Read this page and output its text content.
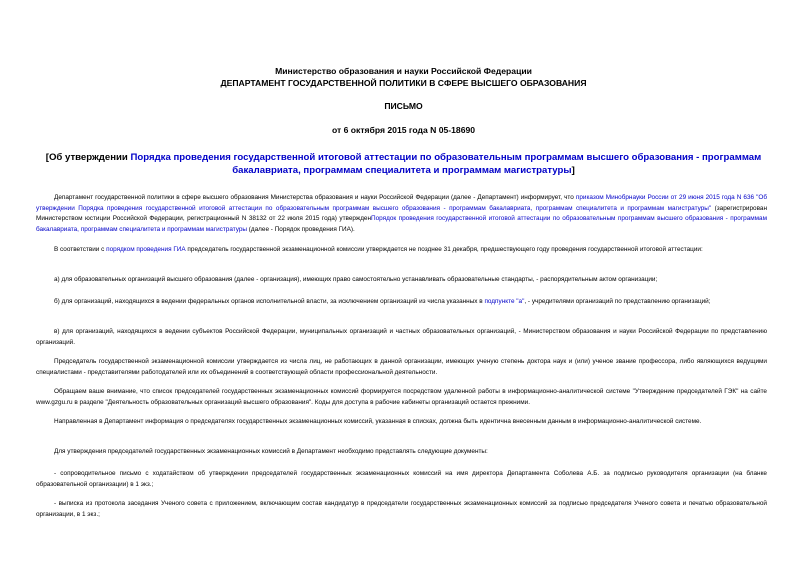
Министерство образования и науки Российской Федерации
ДЕПАРТАМЕНТ ГОСУДАРСТВЕННОЙ ПОЛИТИКИ В СФЕРЕ ВЫСШЕГО ОБРАЗОВАНИЯ
ПИСЬМО
от 6 октября 2015 года N 05-18690
[Об утверждении Порядка проведения государственной итоговой аттестации по образовательным программам высшего образования - программам бакалавриата, программам специалитета и программам магистратуры]
Департамент государственной политики в сфере высшего образования Министерства образования и науки Российской Федерации (далее - Департамент) информирует, что приказом Минобрнауки России от 29 июня 2015 года N 636 "Об утверждении Порядка проведения государственной итоговой аттестации по образовательным программам высшего образования - программам бакалавриата, программам специалитета и программам магистратуры" (зарегистрирован Министерством юстиции Российской Федерации, регистрационный N 38132 от 22 июля 2015 года) утвержденПорядок проведения государственной итоговой аттестации по образовательным программам высшего образования - программам бакалавриата, программам специалитета и программам магистратуры (далее - Порядок проведения ГИА).
В соответствии с порядком проведения ГИА председатель государственной экзаменационной комиссии утверждается не позднее 31 декабря, предшествующего году проведения государственной итоговой аттестации:
а) для образовательных организаций высшего образования (далее - организация), имеющих право самостоятельно устанавливать образовательные стандарты, - распорядительным актом организации;
б) для организаций, находящихся в ведении федеральных органов исполнительной власти, за исключением организаций из числа указанных в подпункте "а", - учредителями организаций по представлению организаций;
в) для организаций, находящихся в ведении субъектов Российской Федерации, муниципальных организаций и частных образовательных организаций, - Министерством образования и науки Российской Федерации по представлению организаций.
Председатель государственной экзаменационной комиссии утверждается из числа лиц, не работающих в данной организации, имеющих ученую степень доктора наук и (или) ученое звание профессора, либо являющихся ведущими специалистами - представителями работодателей или их объединений в соответствующей области профессиональной деятельности.
Обращаем ваше внимание, что список председателей государственных экзаменационных комиссий формируется посредством удаленной работы в информационно-аналитической системе "Утверждение председателей ГЭК" на сайте www.gzgu.ru в разделе "Деятельность образовательных организаций высшего образования". Коды для доступа в рабочие кабинеты организаций остается прежними.
Направленная в Департамент информация о председателях государственных экзаменационных комиссий, указанная в списках, должна быть идентична внесенным данным в информационно-аналитической системе.
Для утверждения председателей государственных экзаменационных комиссий в Департамент необходимо представлять следующие документы:
- сопроводительное письмо с ходатайством об утверждении председателей государственных экзаменационных комиссий на имя директора Департамента Соболева А.Б. за подписью руководителя организации (на бланке образовательной организации) в 1 экз.;
- выписка из протокола заседания Ученого совета с приложением, включающим состав кандидатур в председатели государственных экзаменационных комиссий за подписью председателя Ученого совета и печатью образовательной организации, в 1 экз.;
